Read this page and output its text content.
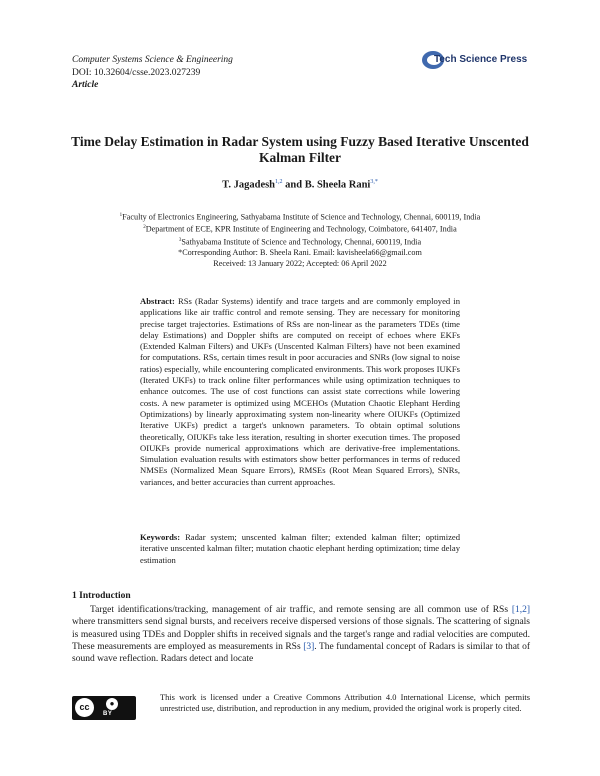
Computer Systems Science & Engineering
DOI: 10.32604/csse.2023.027239
Article
Tech Science Press
Time Delay Estimation in Radar System using Fuzzy Based Iterative Unscented Kalman Filter
T. Jagadesh$^{1,2}$ and B. Sheela Rani$^{3,*}$
$^1$Faculty of Electronics Engineering, Sathyabama Institute of Science and Technology, Chennai, 600119, India
$^2$Department of ECE, KPR Institute of Engineering and Technology, Coimbatore, 641407, India
$^3$Sathyabama Institute of Science and Technology, Chennai, 600119, India
*Corresponding Author: B. Sheela Rani. Email: kavisheela66@gmail.com
Received: 13 January 2022; Accepted: 06 April 2022
Abstract: RSs (Radar Systems) identify and trace targets and are commonly employed in applications like air traffic control and remote sensing. They are necessary for monitoring precise target trajectories. Estimations of RSs are non-linear as the parameters TDEs (time delay Estimations) and Doppler shifts are computed on receipt of echoes where EKFs (Extended Kalman Filters) and UKFs (Unscented Kalman Filters) have not been examined for computations. RSs, certain times result in poor accuracies and SNRs (low signal to noise ratios) especially, while encountering complicated environments. This work proposes IUKFs (Iterated UKFs) to track online filter performances while using optimization techniques to enhance outcomes. The use of cost functions can assist state corrections while lowering costs. A new parameter is optimized using MCEHOs (Mutation Chaotic Elephant Herding Optimizations) by linearly approximating system non-linearity where OIUKFs (Optimized Iterative UKFs) predict a target's unknown parameters. To obtain optimal solutions theoretically, OIUKFs take less iteration, resulting in shorter execution times. The proposed OIUKFs provide numerical approximations which are derivative-free implementations. Simulation evaluation results with estimators show better performances in terms of reduced NMSEs (Normalized Mean Square Errors), RMSEs (Root Mean Squared Errors), SNRs, variances, and better accuracies than current approaches.
Keywords: Radar system; unscented kalman filter; extended kalman filter; optimized iterative unscented kalman filter; mutation chaotic elephant herding optimization; time delay estimation
1 Introduction
Target identifications/tracking, management of air traffic, and remote sensing are all common use of RSs [1,2] where transmitters send signal bursts, and receivers receive dispersed versions of those signals. The scattering of signals is measured using TDEs and Doppler shifts in received signals and the target's range and radial velocities are computed. These measurements are employed as measurements in RSs [3]. The fundamental concept of Radars is similar to that of sound wave reflection. Radars detect and locate
cc	●
BY
This work is licensed under a Creative Commons Attribution 4.0 International License, which permits unrestricted use, distribution, and reproduction in any medium, provided the original work is properly cited.
